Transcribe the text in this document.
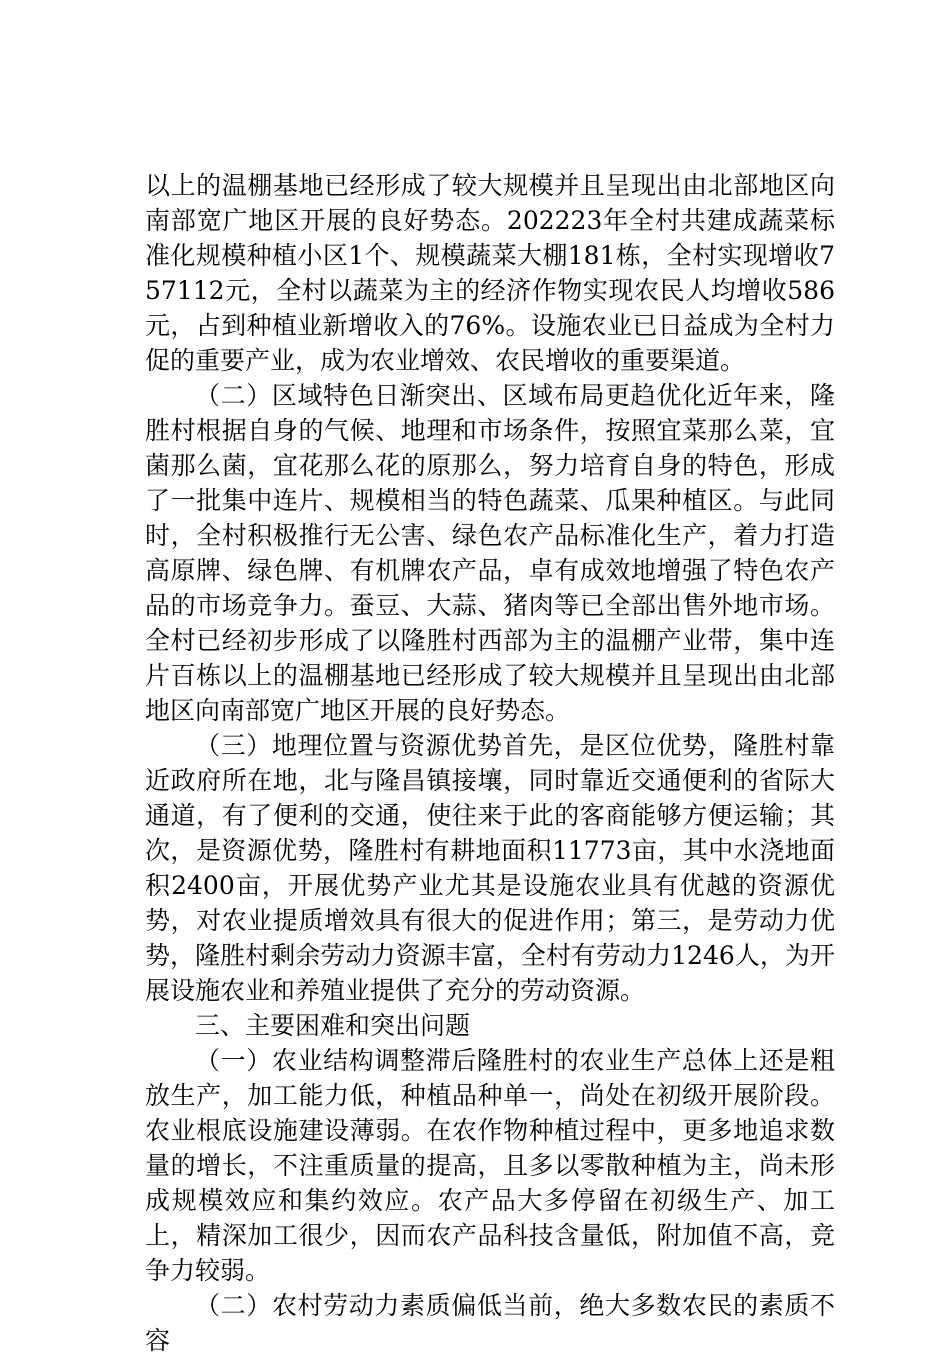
以上的温棚基地已经形成了较大规模并且呈现出由北部地区向南部宽广地区开展的良好势态。202223年全村共建成蔬菜标准化规模种植小区1个、规模蔬菜大棚181栋，全村实现增收757112元，全村以蔬菜为主的经济作物实现农民人均增收586元，占到种植业新增收入的76%。设施农业已日益成为全村力促的重要产业，成为农业增效、农民增收的重要渠道。

（二）区域特色日渐突出、区域布局更趋优化近年来，隆胜村根据自身的气候、地理和市场条件，按照宜菜那么菜，宜菌那么菌，宜花那么花的原那么，努力培育自身的特色，形成了一批集中连片、规模相当的特色蔬菜、瓜果种植区。与此同时，全村积极推行无公害、绿色农产品标准化生产，着力打造高原牌、绿色牌、有机牌农产品，卓有成效地增强了特色农产品的市场竞争力。蚕豆、大蒜、猪肉等已全部出售外地市场。全村已经初步形成了以隆胜村西部为主的温棚产业带，集中连片百栋以上的温棚基地已经形成了较大规模并且呈现出由北部地区向南部宽广地区开展的良好势态。

（三）地理位置与资源优势首先，是区位优势，隆胜村靠近政府所在地，北与隆昌镇接壤，同时靠近交通便利的省际大通道，有了便利的交通，使往来于此的客商能够方便运输；其次，是资源优势，隆胜村有耕地面积11773亩，其中水浇地面积2400亩，开展优势产业尤其是设施农业具有优越的资源优势，对农业提质增效具有很大的促进作用；第三，是劳动力优势，隆胜村剩余劳动力资源丰富，全村有劳动力1246人，为开展设施农业和养殖业提供了充分的劳动资源。

三、主要困难和突出问题

（一）农业结构调整滞后隆胜村的农业生产总体上还是粗放生产，加工能力低，种植品种单一，尚处在初级开展阶段。农业根底设施建设薄弱。在农作物种植过程中，更多地追求数量的增长，不注重质量的提高，且多以零散种植为主，尚未形成规模效应和集约效应。农产品大多停留在初级生产、加工上，精深加工很少，因而农产品科技含量低，附加值不高，竞争力较弱。

（二）农村劳动力素质偏低当前，绝大多数农民的素质不容
